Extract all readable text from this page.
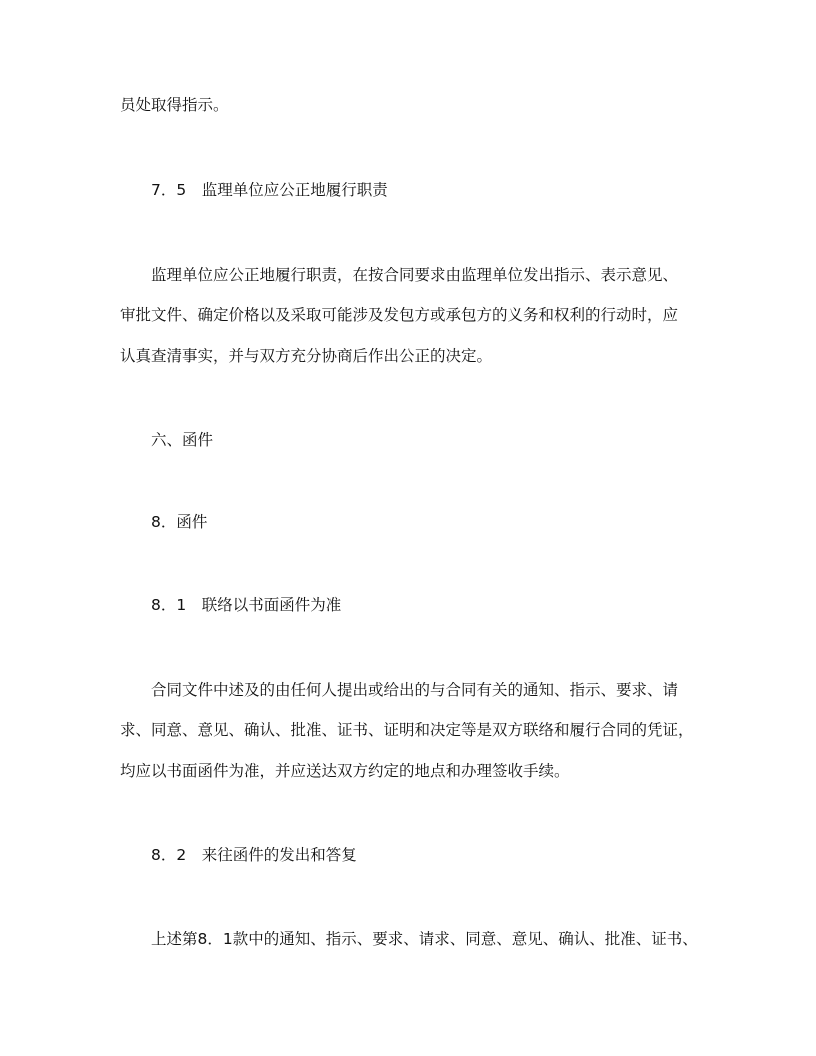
员处取得指示。
7．5　监理单位应公正地履行职责
监理单位应公正地履行职责，在按合同要求由监理单位发出指示、表示意见、
审批文件、确定价格以及采取可能涉及发包方或承包方的义务和权利的行动时，应
认真查清事实，并与双方充分协商后作出公正的决定。
六、函件
8．函件
8．1　联络以书面函件为准
合同文件中述及的由任何人提出或给出的与合同有关的通知、指示、要求、请
求、同意、意见、确认、批准、证书、证明和决定等是双方联络和履行合同的凭证，
均应以书面函件为准，并应送达双方约定的地点和办理签收手续。
8．2　来往函件的发出和答复
上述第8．1款中的通知、指示、要求、请求、同意、意见、确认、批准、证书、
